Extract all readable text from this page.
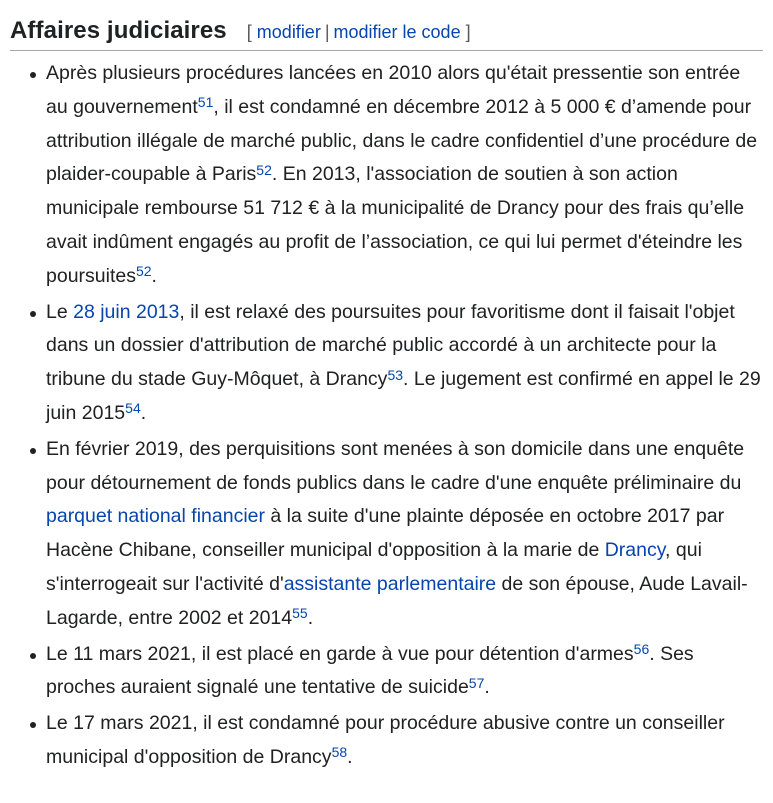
Affaires judiciaires [ modifier | modifier le code ]
Après plusieurs procédures lancées en 2010 alors qu'était pressentie son entrée au gouvernement$^{51}$, il est condamné en décembre 2012 à 5 000 € d’amende pour attribution illégale de marché public, dans le cadre confidentiel d’une procédure de plaider-coupable à Paris$^{52}$. En 2013, l'association de soutien à son action municipale rembourse 51 712 € à la municipalité de Drancy pour des frais qu’elle avait indûment engagés au profit de l’association, ce qui lui permet d'éteindre les poursuites$^{52}$.
Le 28 juin 2013, il est relaxé des poursuites pour favoritisme dont il faisait l'objet dans un dossier d'attribution de marché public accordé à un architecte pour la tribune du stade Guy-Môquet, à Drancy$^{53}$. Le jugement est confirmé en appel le 29 juin 2015$^{54}$.
En février 2019, des perquisitions sont menées à son domicile dans une enquête pour détournement de fonds publics dans le cadre d'une enquête préliminaire du parquet national financier à la suite d'une plainte déposée en octobre 2017 par Hacène Chibane, conseiller municipal d'opposition à la marie de Drancy, qui s'interrogeait sur l'activité d'assistante parlementaire de son épouse, Aude Lavail-Lagarde, entre 2002 et 2014$^{55}$.
Le 11 mars 2021, il est placé en garde à vue pour détention d'armes$^{56}$. Ses proches auraient signalé une tentative de suicide$^{57}$.
Le 17 mars 2021, il est condamné pour procédure abusive contre un conseiller municipal d'opposition de Drancy$^{58}$.
